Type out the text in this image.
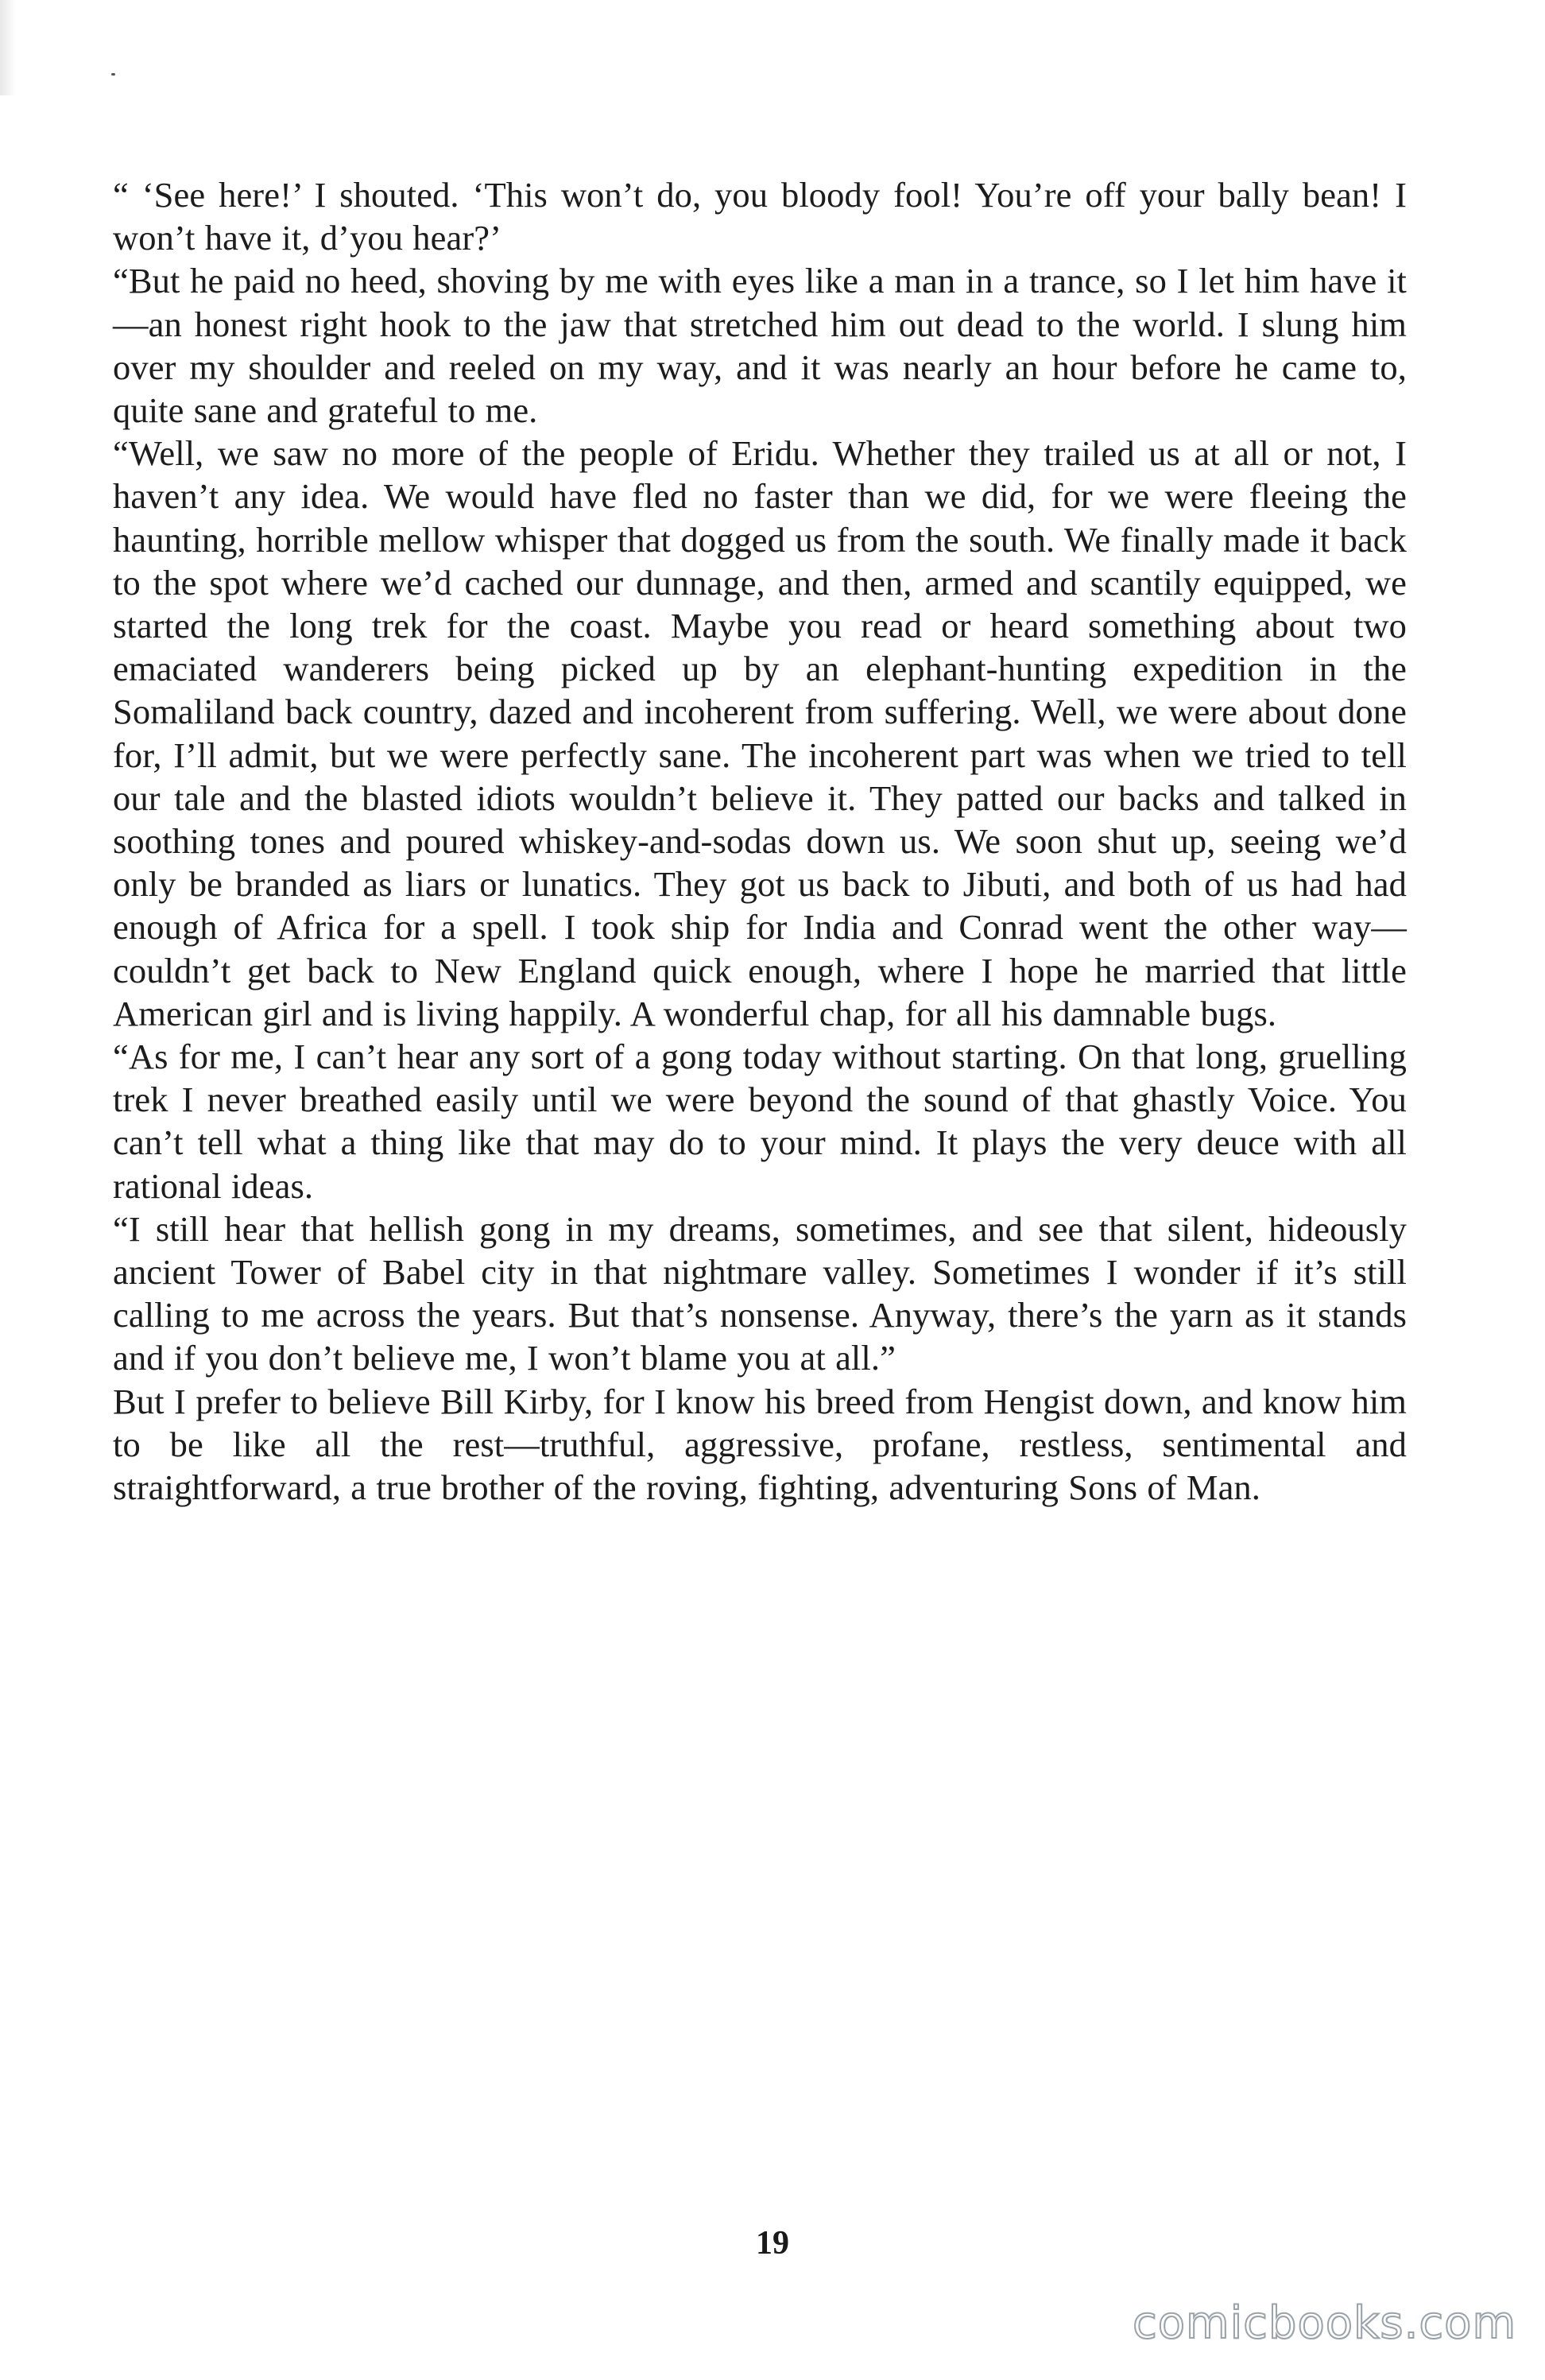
“ ‘See here!’ I shouted. ‘This won’t do, you bloody fool! You’re off your bally bean! I won’t have it, d’you hear?’

“But he paid no heed, shoving by me with eyes like a man in a trance, so I let him have it—an honest right hook to the jaw that stretched him out dead to the world. I slung him over my shoulder and reeled on my way, and it was nearly an hour before he came to, quite sane and grateful to me.

“Well, we saw no more of the people of Eridu. Whether they trailed us at all or not, I haven’t any idea. We would have fled no faster than we did, for we were fleeing the haunting, horrible mellow whisper that dogged us from the south. We finally made it back to the spot where we’d cached our dunnage, and then, armed and scantily equipped, we started the long trek for the coast. Maybe you read or heard something about two emaciated wanderers being picked up by an elephant-hunting expedition in the Somaliland back country, dazed and incoherent from suffering. Well, we were about done for, I’ll admit, but we were perfectly sane. The incoherent part was when we tried to tell our tale and the blasted idiots wouldn’t believe it. They patted our backs and talked in soothing tones and poured whiskey-and-sodas down us. We soon shut up, seeing we’d only be branded as liars or lunatics. They got us back to Jibuti, and both of us had had enough of Africa for a spell. I took ship for India and Conrad went the other way—couldn’t get back to New England quick enough, where I hope he married that little American girl and is living happily. A wonderful chap, for all his damnable bugs.

“As for me, I can’t hear any sort of a gong today without starting. On that long, gruelling trek I never breathed easily until we were beyond the sound of that ghastly Voice. You can’t tell what a thing like that may do to your mind. It plays the very deuce with all rational ideas.

“I still hear that hellish gong in my dreams, sometimes, and see that silent, hideously ancient Tower of Babel city in that nightmare valley. Sometimes I wonder if it’s still calling to me across the years. But that’s nonsense. Anyway, there’s the yarn as it stands and if you don’t believe me, I won’t blame you at all.”

But I prefer to believe Bill Kirby, for I know his breed from Hengist down, and know him to be like all the rest—truthful, aggressive, profane, restless, sentimental and straightforward, a true brother of the roving, fighting, adventuring Sons of Man.

19
comicbooks.com
